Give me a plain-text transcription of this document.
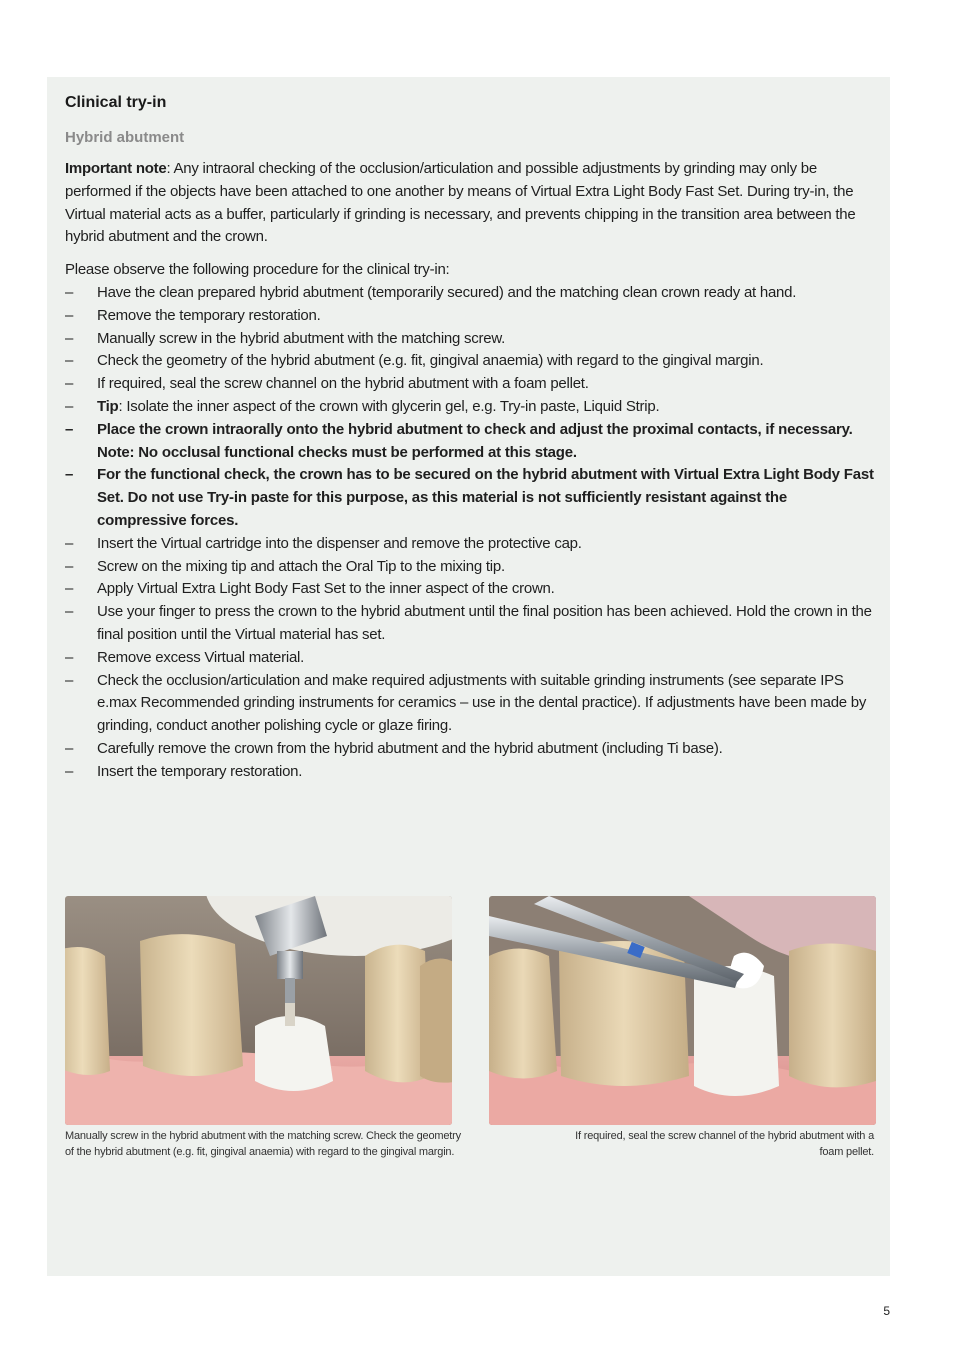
Clinical try-in
Hybrid abutment

Important note: Any intraoral checking of the occlusion/articulation and possible adjustments by grinding may only be performed if the objects have been attached to one another by means of Virtual Extra Light Body Fast Set. During try-in, the Virtual material acts as a buffer, particularly if grinding is necessary, and prevents chipping in the transition area between the hybrid abutment and the crown.

Please observe the following procedure for the clinical try-in:

– Have the clean prepared hybrid abutment (temporarily secured) and the matching clean crown ready at hand.
– Remove the temporary restoration.
– Manually screw in the hybrid abutment with the matching screw.
– Check the geometry of the hybrid abutment (e.g. fit, gingival anaemia) with regard to the gingival margin.
– If required, seal the screw channel on the hybrid abutment with a foam pellet.
– Tip: Isolate the inner aspect of the crown with glycerin gel, e.g. Try-in paste, Liquid Strip.
– Place the crown intraorally onto the hybrid abutment to check and adjust the proximal contacts, if necessary. Note: No occlusal functional checks must be performed at this stage.
– For the functional check, the crown has to be secured on the hybrid abutment with Virtual Extra Light Body Fast Set. Do not use Try-in paste for this purpose, as this material is not sufficiently resistant against the compressive forces.
– Insert the Virtual cartridge into the dispenser and remove the protective cap.
– Screw on the mixing tip and attach the Oral Tip to the mixing tip.
– Apply Virtual Extra Light Body Fast Set to the inner aspect of the crown.
– Use your finger to press the crown to the hybrid abutment until the final position has been achieved. Hold the crown in the final position until the Virtual material has set.
– Remove excess Virtual material.
– Check the occlusion/articulation and make required adjustments with suitable grinding instruments (see separate IPS e.max Recommended grinding instruments for ceramics – use in the dental practice). If adjustments have been made by grinding, conduct another polishing cycle or glaze firing.
– Carefully remove the crown from the hybrid abutment and the hybrid abutment (including Ti base).
– Insert the temporary restoration.
Manually screw in the hybrid abutment with the matching screw. Check the geometry of the hybrid abutment (e.g. fit, gingival anaemia) with regard to the gingival margin.
If required, seal the screw channel of the hybrid abutment with a foam pellet.
5
